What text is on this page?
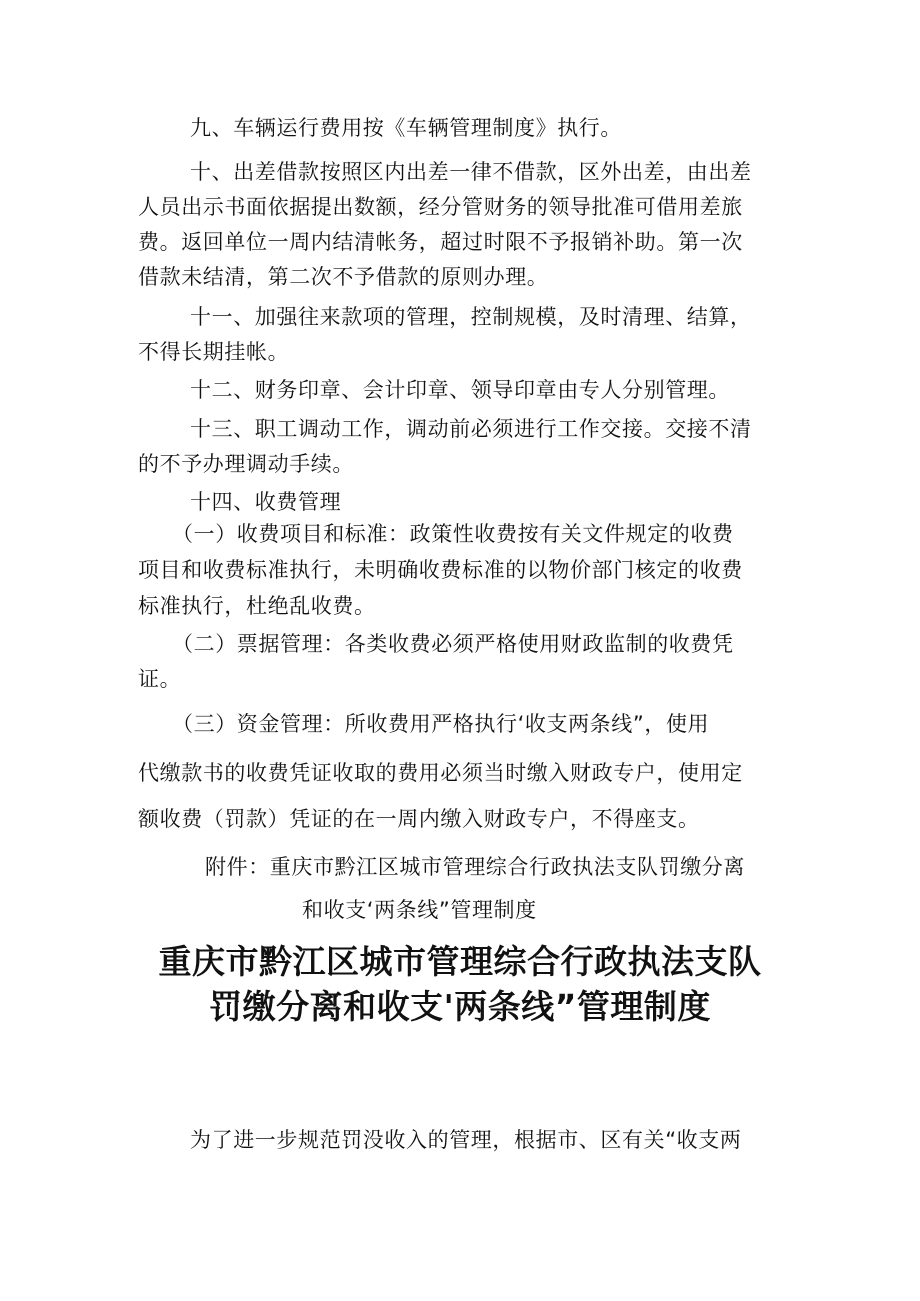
九、车辆运行费用按《车辆管理制度》执行。
十、出差借款按照区内出差一律不借款，区外出差，由出差
人员出示书面依据提出数额，经分管财务的领导批准可借用差旅
费。返回单位一周内结清帐务，超过时限不予报销补助。第一次
借款未结清，第二次不予借款的原则办理。
十一、加强往来款项的管理，控制规模，及时清理、结算，
不得长期挂帐。
十二、财务印章、会计印章、领导印章由专人分别管理。
十三、职工调动工作，调动前必须进行工作交接。交接不清
的不予办理调动手续。
十四、收费管理
（一）收费项目和标准：政策性收费按有关文件规定的收费
项目和收费标准执行，未明确收费标准的以物价部门核定的收费
标准执行，杜绝乱收费。
（二）票据管理：各类收费必须严格使用财政监制的收费凭
证。
（三）资金管理：所收费用严格执行‘收支两条线”，使用
代缴款书的收费凭证收取的费用必须当时缴入财政专户，使用定
额收费（罚款）凭证的在一周内缴入财政专户，不得座支。
附件：重庆市黔江区城市管理综合行政执法支队罚缴分离
和收支‘两条线”管理制度
重庆市黔江区城市管理综合行政执法支队
罚缴分离和收支'两条线”管理制度
为了进一步规范罚没收入的管理，根据市、区有关“收支两
